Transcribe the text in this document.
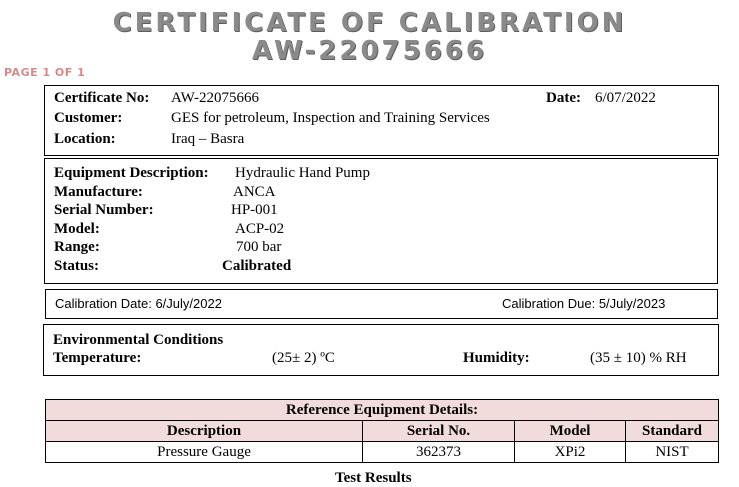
CERTIFICATE OF CALIBRATION
AW-22075666
PAGE 1 OF 1
Certificate No: AW-22075666	Date: 6/07/2022
Customer:	GES for petroleum, Inspection and Training Services
Location:	Iraq – Basra
Equipment Description: Hydraulic Hand Pump
Manufacture:	ANCA
Serial Number:	HP-001
Model:	ACP-02
Range:	700 bar
Status:	Calibrated
Calibration Date: 6/July/2022	Calibration Due: 5/July/2023
Environmental Conditions
Temperature:	(25± 2) ºC	Humidity:	(35 ± 10) % RH
Reference Equipment Details:			
Description	Serial No.	Model	Standard
Pressure Gauge	362373	XPi2	NIST
Test Results
